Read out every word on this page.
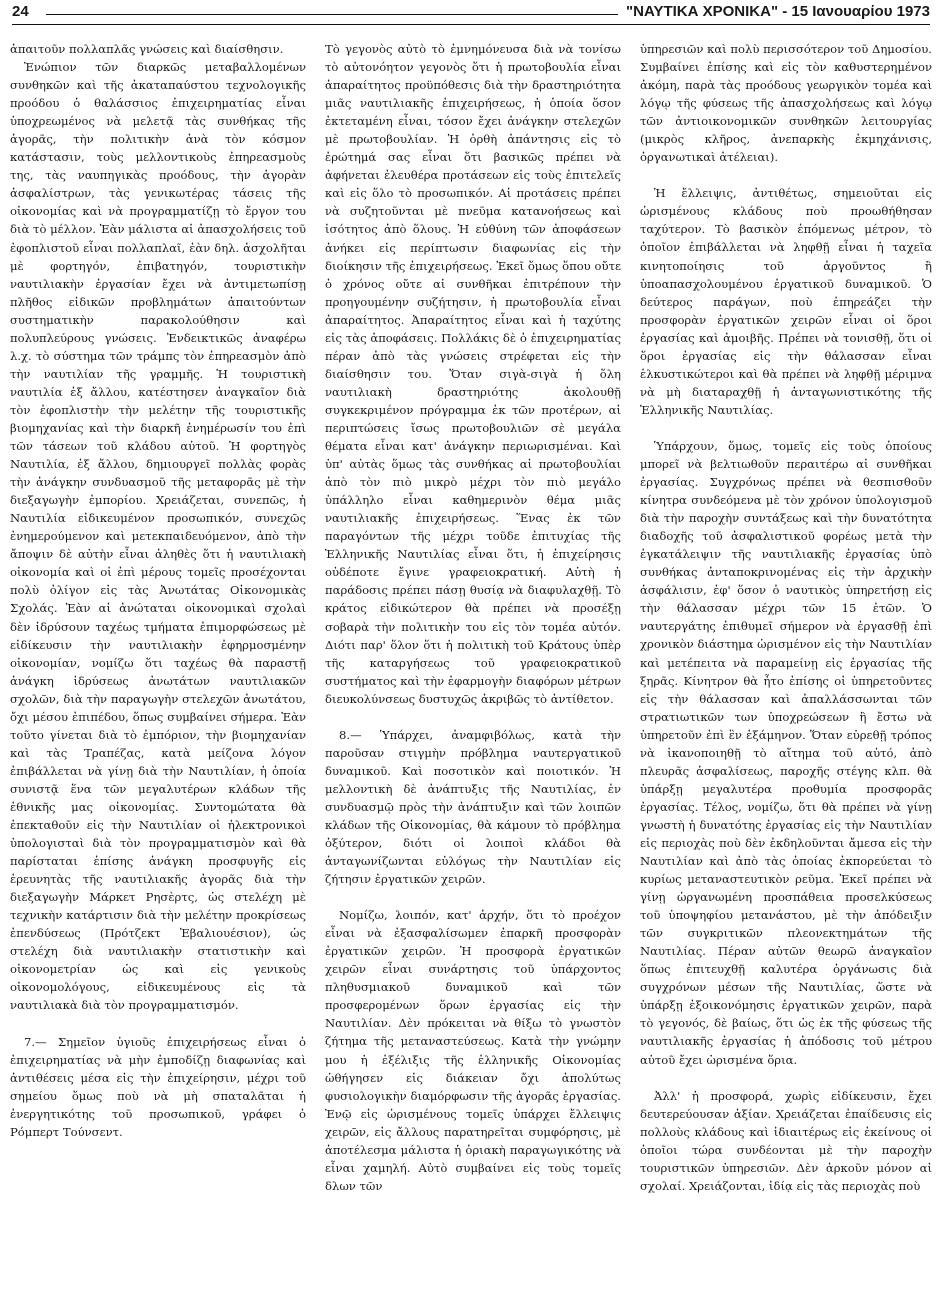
24	"ΝΑΥΤΙΚΑ ΧΡΟΝΙΚΑ" - 15 Ιανουαρίου 1973

ἀπαιτοῦν πολλαπλᾶς γνώσεις καὶ διαίσθησιν.

Ἐνώπιον τῶν διαρκῶς μεταβαλλομένων συνθηκῶν καὶ τῆς ἀκαταπαύστου τεχνολογικῆς προόδου ὁ θαλάσσιος ἐπιχειρηματίας εἶναι ὑποχρεωμένος νὰ μελετᾷ τὰς συνθήκας τῆς ἀγορᾶς, τὴν πολιτικὴν ἀνὰ τὸν κόσμον κατάστασιν, τοὺς μελλοντικοὺς ἐπηρεασμοὺς της, τὰς ναυπηγικὰς προόδους, τὴν ἀγορὰν ἀσφαλίστρων, τὰς γενικωτέρας τάσεις τῆς οἰκονομίας καὶ νὰ προγραμματίζῃ τὸ ἔργον του διὰ τὸ μέλλον. Ἐὰν μάλιστα αἱ ἀπασχολήσεις τοῦ ἐφοπλιστοῦ εἶναι πολλαπλαῖ, ἐὰν δηλ. ἀσχολῆται μὲ φορτηγόν, ἐπιβατηγόν, τουριστικὴν ναυτιλιακὴν ἐργασίαν ἔχει νὰ ἀντιμετωπίσῃ πλῆθος εἰδικῶν προβλημάτων ἀπαιτούντων συστηματικὴν παρακολούθησιν καὶ πολυπλεύρους γνώσεις. Ἐνδεικτικῶς ἀναφέρω λ.χ. τὸ σύστημα τῶν τράμπς τὸν ἐπηρεασμὸν ἀπὸ τὴν ναυτιλίαν τῆς γραμμῆς. Ἡ τουριστικὴ ναυτιλία ἐξ ἄλλου, κατέστησεν ἀναγκαῖον διὰ τὸν ἐφοπλιστὴν τὴν μελέτην τῆς τουριστικῆς βιομηχανίας καὶ τὴν διαρκῆ ἐνημέρωσίν του ἐπὶ τῶν τάσεων τοῦ κλάδου αὐτοῦ. Ἡ φορτηγὸς Ναυτιλία, ἐξ ἄλλου, δημιουργεῖ πολλὰς φορὰς τὴν ἀνάγκην συνδυασμοῦ τῆς μεταφορᾶς μὲ τὴν διεξαγωγὴν ἐμπορίου. Χρειάζεται, συνεπῶς, ἡ Ναυτιλία εἰδικευμένον προσωπικόν, συνεχῶς ἐνημερούμενον καὶ μετεκπαιδευόμενον, ἀπὸ τὴν ἄποψιν δὲ αὐτὴν εἶναι ἀληθὲς ὅτι ἡ ναυτιλιακὴ οἰκονομία καὶ οἱ ἐπὶ μέρους τομεῖς προσέχονται πολὺ ὀλίγον εἰς τὰς Ἀνωτάτας Οἰκονομικὰς Σχολάς. Ἐὰν αἱ ἀνώταται οἰκονομικαὶ σχολαὶ δὲν ἱδρύσουν ταχέως τμήματα ἐπιμορφώσεως μὲ εἰδίκευσιν τὴν ναυτιλιακὴν ἐφηρμοσμένην οἰκονομίαν, νομίζω ὅτι ταχέως θὰ παραστῇ ἀνάγκη ἱδρύσεως ἀνωτάτων ναυτιλιακῶν σχολῶν, διὰ τὴν παραγωγὴν στελεχῶν ἀνωτάτου, ὄχι μέσου ἐπιπέδου, ὅπως συμβαίνει σήμερα. Ἐὰν τοῦτο γίνεται διὰ τὸ ἐμπόριον, τὴν βιομηχανίαν καὶ τὰς Τραπέζας, κατὰ μείζονα λόγον ἐπιβάλλεται νὰ γίνῃ διὰ τὴν Ναυτιλίαν, ἡ ὁποία συνιστᾷ ἕνα τῶν μεγαλυτέρων κλάδων τῆς ἐθνικῆς μας οἰκονομίας. Συντομώτατα θὰ ἐπεκταθοῦν εἰς τὴν Ναυτιλίαν οἱ ἠλεκτρονικοὶ ὑπολογισταὶ διὰ τὸν προγραμματισμὸν καὶ θὰ παρίσταται ἐπίσης ἀνάγκη προσφυγῆς εἰς ἐρευνητὰς τῆς ναυτιλιακῆς ἀγορᾶς διὰ τὴν διεξαγωγὴν Μάρκετ Ρησὲρτς, ὡς στελέχη μὲ τεχνικὴν κατάρτισιν διὰ τὴν μελέτην προκρίσεως ἐπενδύσεως (Πρότζεκτ Ἐβαλιουέσιον), ὡς στελέχη διὰ ναυτιλιακὴν στατιστικὴν καὶ οἰκονομετρίαν ὡς καὶ εἰς γενικοὺς οἰκονομολόγους, εἰδικευμένους εἰς τὰ ναυτιλιακὰ διὰ τὸν προγραμματισμόν.

7.— Σημεῖον ὑγιοῦς ἐπιχειρήσεως εἶναι ὁ ἐπιχειρηματίας νὰ μὴν ἐμποδίζῃ διαφωνίας καὶ ἀντιθέσεις μέσα εἰς τὴν ἐπιχείρησιν, μέχρι τοῦ σημείου ὅμως ποὺ νὰ μὴ σπαταλᾶται ἡ ἐνεργητικότης τοῦ προσωπικοῦ, γράφει ὁ Ρόμπερτ Τούνσεντ.

Τὸ γεγονὸς αὐτὸ τὸ ἐμνημόνευσα διὰ νὰ τονίσω τὸ αὐτονόητον γεγονὸς ὅτι ἡ πρωτοβουλία εἶναι ἀπαραίτητος προϋπόθεσις διὰ τὴν δραστηριότητα μιᾶς ναυτιλιακῆς ἐπιχειρήσεως, ἡ ὁποία ὅσον ἐκτεταμένη εἶναι, τόσον ἔχει ἀνάγκην στελεχῶν μὲ πρωτοβουλίαν. Ἡ ὀρθὴ ἀπάντησις εἰς τὸ ἐρώτημά σας εἶναι ὅτι βασικῶς πρέπει νὰ ἀφήνεται ἐλευθέρα προτάσεων εἰς τοὺς ἐπιτελεῖς καὶ εἰς ὅλο τὸ προσωπικόν. Αἱ προτάσεις πρέπει νὰ συζητοῦνται μὲ πνεῦμα κατανοήσεως καὶ ἰσότητος ἀπὸ ὅλους. Ἡ εὐθύνη τῶν ἀποφάσεων ἀνήκει εἰς περίπτωσιν διαφωνίας εἰς τὴν διοίκησιν τῆς ἐπιχειρήσεως. Ἐκεῖ ὅμως ὅπου οὔτε ὁ χρόνος οὔτε αἱ συνθῆκαι ἐπιτρέπουν τὴν προηγουμένην συζήτησιν, ἡ πρωτοβουλία εἶναι ἀπαραίτητος. Ἀπαραίτητος εἶναι καὶ ἡ ταχύτης εἰς τὰς ἀποφάσεις. Πολλάκις δὲ ὁ ἐπιχειρηματίας πέραν ἀπὸ τὰς γνώσεις στρέφεται εἰς τὴν διαίσθησιν του. Ὅταν σιγὰ-σιγὰ ἡ ὅλη ναυτιλιακὴ δραστηριότης ἀκολουθῇ συγκεκριμένον πρόγραμμα ἐκ τῶν προτέρων, αἱ περιπτώσεις ἴσως πρωτοβουλιῶν σὲ μεγάλα θέματα εἶναι κατ' ἀνάγκην περιωρισμέναι. Καὶ ὑπ' αὐτὰς ὅμως τὰς συνθήκας αἱ πρωτοβουλίαι ἀπὸ τὸν πιὸ μικρὸ μέχρι τὸν πιὸ μεγάλο ὑπάλληλο εἶναι καθημερινὸν θέμα μιᾶς ναυτιλιακῆς ἐπιχειρήσεως. Ἕνας ἐκ τῶν παραγόντων τῆς μέχρι τοῦδε ἐπιτυχίας τῆς Ἑλληνικῆς Ναυτιλίας εἶναι ὅτι, ἡ ἐπιχείρησις οὐδέποτε ἔγινε γραφειοκρατική. Αὐτὴ ἡ παράδοσις πρέπει πάσῃ θυσίᾳ νὰ διαφυλαχθῇ. Τὸ κράτος εἰδικώτερον θὰ πρέπει νὰ προσέξῃ σοβαρὰ τὴν πολιτικὴν του εἰς τὸν τομέα αὐτόν. Διότι παρ' ὅλον ὅτι ἡ πολιτικὴ τοῦ Κράτους ὑπὲρ τῆς καταργήσεως τοῦ γραφειοκρατικοῦ συστήματος καὶ τὴν ἐφαρμογὴν διαφόρων μέτρων διευκολύνσεως δυστυχῶς ἀκριβῶς τὸ ἀντίθετον.

8.— Ὑπάρχει, ἀναμφιβόλως, κατὰ τὴν παροῦσαν στιγμὴν πρόβλημα ναυτεργατικοῦ δυναμικοῦ. Καὶ ποσοτικὸν καὶ ποιοτικόν. Ἡ μελλοντικὴ δὲ ἀνάπτυξις τῆς Ναυτιλίας, ἐν συνδυασμῷ πρὸς τὴν ἀνάπτυξιν καὶ τῶν λοιπῶν κλάδων τῆς Οἰκονομίας, θὰ κάμουν τὸ πρόβλημα ὀξύτερον, διότι οἱ λοιποὶ κλάδοι θὰ ἀνταγωνίζωνται εὐλόγως τὴν Ναυτιλίαν εἰς ζήτησιν ἐργατικῶν χειρῶν.

Νομίζω, λοιπόν, κατ' ἀρχήν, ὅτι τὸ προέχον εἶναι νὰ ἐξασφαλίσωμεν ἐπαρκῆ προσφορὰν ἐργατικῶν χειρῶν. Ἡ προσφορὰ ἐργατικῶν χειρῶν εἶναι συνάρτησις τοῦ ὑπάρχοντος πληθυσμιακοῦ δυναμικοῦ καὶ τῶν προσφερομένων ὅρων ἐργασίας εἰς τὴν Ναυτιλίαν. Δὲν πρόκειται νὰ θίξω τὸ γνωστὸν ζήτημα τῆς μεταναστεύσεως. Κατὰ τὴν γνώμην μου ἡ ἐξέλιξις τῆς ἑλληνικῆς Οἰκονομίας ὠθήγησεν εἰς διάκειαν ὄχι ἀπολύτως φυσιολογικὴν διαμόρφωσιν τῆς ἀγορᾶς ἐργασίας. Ἐνῷ εἰς ὡρισμένους τομεῖς ὑπάρχει ἔλλειψις χειρῶν, εἰς ἄλλους παρατηρεῖται συμφόρησις, μὲ ἀποτέλεσμα μάλιστα ἡ ὁριακὴ παραγωγικότης νὰ εἶναι χαμηλή. Αὐτὸ συμβαίνει εἰς τοὺς τομεῖς δλων τῶν

ὑπηρεσιῶν καὶ πολὺ περισσότερον τοῦ Δημοσίου. Συμβαίνει ἐπίσης καὶ εἰς τὸν καθυστερημένον ἀκόμη, παρὰ τὰς προόδους γεωργικὸν τομέα καὶ λόγῳ τῆς φύσεως τῆς ἀπασχολήσεως καὶ λόγῳ τῶν ἀντιοικονομικῶν συνθηκῶν λειτουργίας (μικρὸς κλῆρος, ἀνεπαρκὴς ἐκμηχάνισις, ὀργανωτικαὶ ἀτέλειαι).

Ἡ ἔλλειψις, ἀντιθέτως, σημειοῦται εἰς ὡρισμένους κλάδους ποὺ προωθήθησαν ταχύτερον. Τὸ βασικὸν ἐπόμενως μέτρον, τὸ ὁποῖον ἐπιβάλλεται νὰ ληφθῇ εἶναι ἡ ταχεῖα κινητοποίησις τοῦ ἀργοῦντος ἢ ὑποαπασχολουμένου ἐργατικοῦ δυναμικοῦ. Ὁ δεύτερος παράγων, ποὺ ἐπηρεάζει τὴν προσφορὰν ἐργατικῶν χειρῶν εἶναι οἱ ὅροι ἐργασίας καὶ ἀμοιβῆς. Πρέπει νὰ τονισθῇ, ὅτι οἱ ὅροι ἐργασίας εἰς τὴν θάλασσαν εἶναι ἑλκυστικώτεροι καὶ θὰ πρέπει νὰ ληφθῇ μέριμνα νὰ μὴ διαταραχθῇ ἡ ἀνταγωνιστικότης τῆς Ἑλληνικῆς Ναυτιλίας.

Ὑπάρχουν, ὅμως, τομεῖς εἰς τοὺς ὁποίους μπορεῖ νὰ βελτιωθοῦν περαιτέρω αἱ συνθῆκαι ἐργασίας. Συγχρόνως πρέπει νὰ θεσπισθοῦν κίνητρα συνδεόμενα μὲ τὸν χρόνον ὑπολογισμοῦ διὰ τὴν παροχὴν συντάξεως καὶ τὴν δυνατότητα διαδοχῆς τοῦ ἀσφαλιστικοῦ φορέως μετὰ τὴν ἐγκατάλειψιν τῆς ναυτιλιακῆς ἐργασίας ὑπὸ συνθήκας ἀνταποκρινομένας εἰς τὴν ἀρχικὴν ἀσφάλισιν, ἐφ' ὅσον ὁ ναυτικὸς ὑπηρετήσῃ εἰς τὴν θάλασσαν μέχρι τῶν 15 ἐτῶν. Ὁ ναυτεργάτης ἐπιθυμεῖ σήμερον νὰ ἐργασθῇ ἐπὶ χρονικὸν διάστημα ὡρισμένον εἰς τὴν Ναυτιλίαν καὶ μετέπειτα νὰ παραμείνῃ εἰς ἐργασίας τῆς ξηρᾶς. Κίνητρον θὰ ἦτο ἐπίσης οἱ ὑπηρετοῦντες εἰς τὴν θάλασσαν καὶ ἀπαλλάσσωνται τῶν στρατιωτικῶν των ὑποχρεώσεων ἢ ἔστω νὰ ὑπηρετοῦν ἐπὶ ἓν ἑξάμηνον. Ὅταν εὑρεθῇ τρόπος νὰ ἱκανοποιηθῇ τὸ αἴτημα τοῦ αὐτό, ἀπὸ πλευρᾶς ἀσφαλίσεως, παροχῆς στέγης κλπ. θὰ ὑπάρξῃ μεγαλυτέρα προθυμία προσφορᾶς ἐργασίας. Τέλος, νομίζω, ὅτι θὰ πρέπει νὰ γίνῃ γνωστὴ ἡ δυνατότης ἐργασίας εἰς τὴν Ναυτιλίαν εἰς περιοχὰς ποὺ δὲν ἐκδηλοῦνται ἄμεσα εἰς τὴν Ναυτιλίαν καὶ ἀπὸ τὰς ὁποίας ἐκπορεύεται τὸ κυρίως μεταναστευτικὸν ρεῦμα. Ἐκεῖ πρέπει νὰ γίνῃ ὠργανωμένη προσπάθεια προσελκύσεως τοῦ ὑποψηφίου μετανάστου, μὲ τὴν ἀπόδειξιν τῶν συγκριτικῶν πλεονεκτημάτων τῆς Ναυτιλίας. Πέραν αὐτῶν θεωρῶ ἀναγκαῖον ὅπως ἐπιτευχθῇ καλυτέρα ὀργάνωσις διὰ συγχρόνων μέσων τῆς Ναυτιλίας, ὥστε νὰ ὑπάρξῃ ἐξοικονόμησις ἐργατικῶν χειρῶν, παρὰ τὸ γεγονός, δὲ βαίως, ὅτι ὡς ἐκ τῆς φύσεως τῆς ναυτιλιακῆς ἐργασίας ἡ ἀπόδοσις τοῦ μέτρου αὐτοῦ ἔχει ὡρισμένα ὅρια.

Ἀλλ' ἡ προσφορά, χωρὶς εἰδίκευσιν, ἔχει δευτερεύουσαν ἀξίαν. Χρειάζεται ἐπαίδευσις εἰς πολλοὺς κλάδους καὶ ἰδιαιτέρως εἰς ἐκείνους οἱ ὁποῖοι τώρα συνδέονται μὲ τὴν παροχὴν τουριστικῶν ὑπηρεσιῶν. Δὲν ἀρκοῦν μόνον αἱ σχολαί. Χρειάζονται, ἰδίᾳ εἰς τὰς περιοχὰς ποὺ
